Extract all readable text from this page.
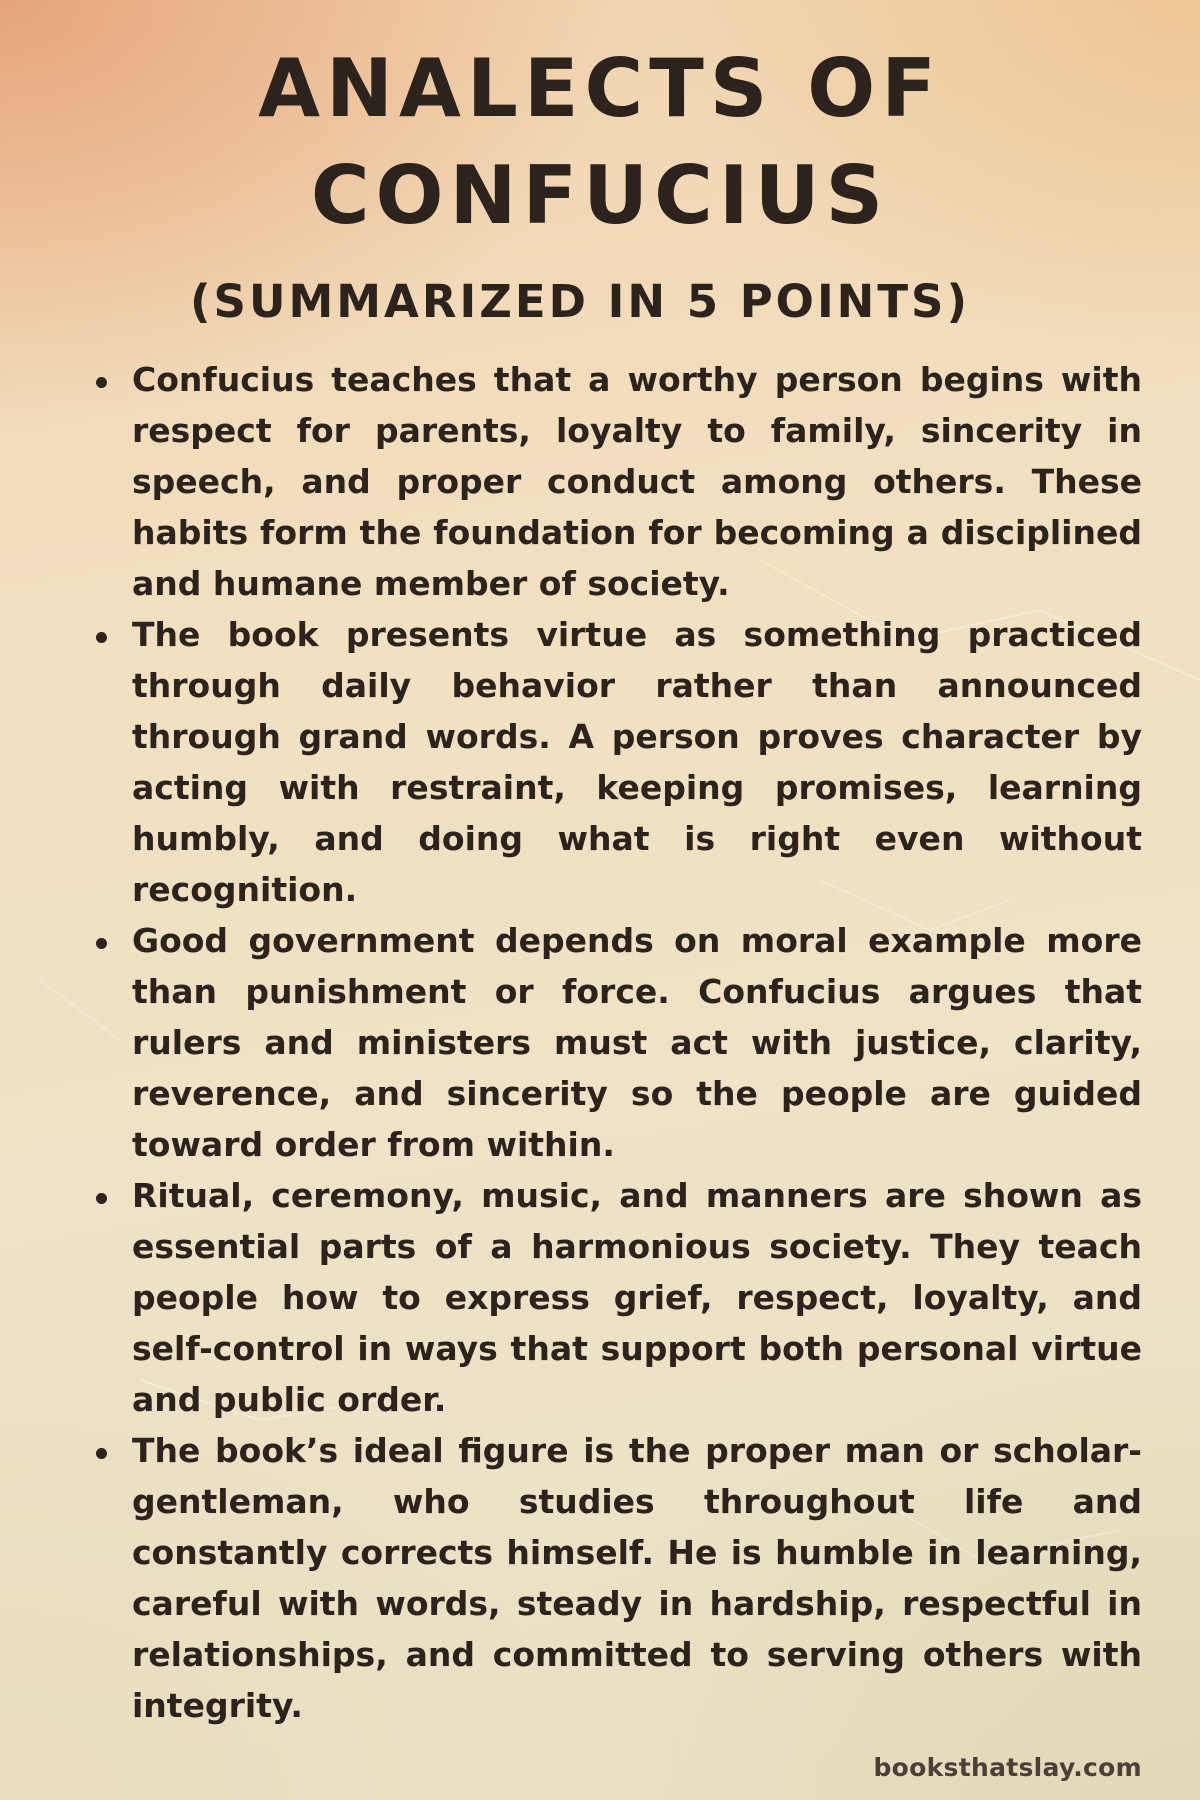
ANALECTS OF
CONFUCIUS
(SUMMARIZED IN 5 POINTS)
Confucius teaches that a worthy person begins with respect for parents, loyalty to family, sincerity in speech, and proper conduct among others. These habits form the foundation for becoming a disciplined and humane member of society.
The book presents virtue as something practiced through daily behavior rather than announced through grand words. A person proves character by acting with restraint, keeping promises, learning humbly, and doing what is right even without recognition.
Good government depends on moral example more than punishment or force. Confucius argues that rulers and ministers must act with justice, clarity, reverence, and sincerity so the people are guided toward order from within.
Ritual, ceremony, music, and manners are shown as essential parts of a harmonious society. They teach people how to express grief, respect, loyalty, and self-control in ways that support both personal virtue and public order.
The book’s ideal figure is the proper man or scholar-gentleman, who studies throughout life and constantly corrects himself. He is humble in learning, careful with words, steady in hardship, respectful in relationships, and committed to serving others with integrity.
booksthatslay.com
